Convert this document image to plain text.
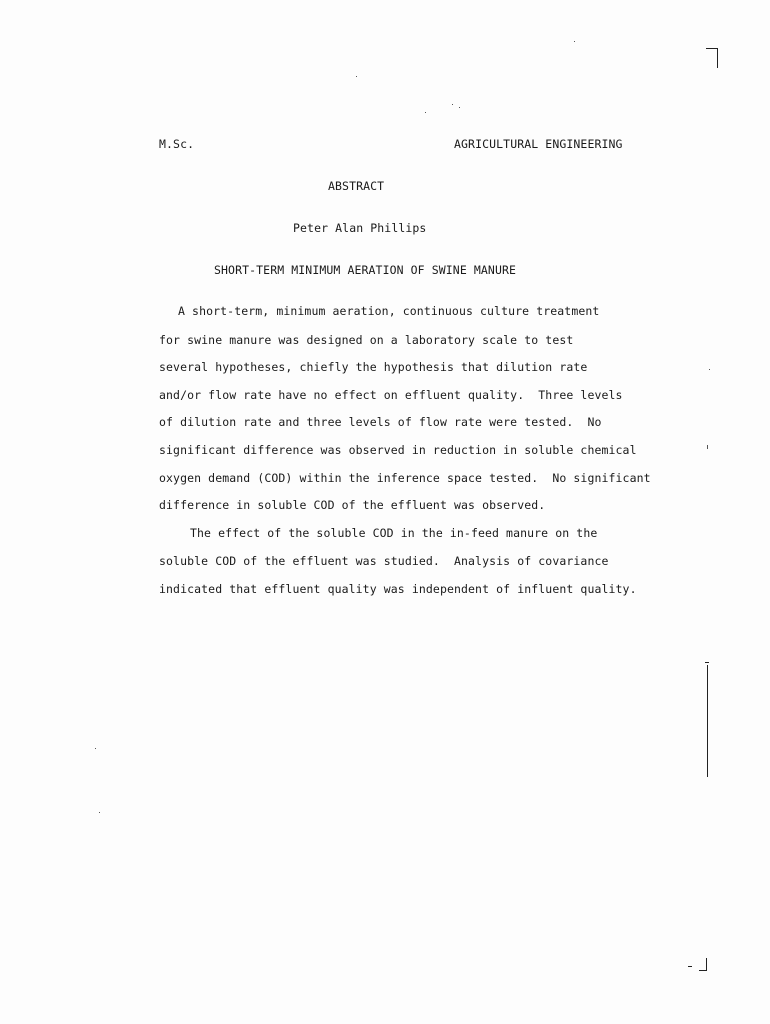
M.Sc.	AGRICULTURAL ENGINEERING
ABSTRACT
Peter Alan Phillips
SHORT-TERM MINIMUM AERATION OF SWINE MANURE
A short-term, minimum aeration, continuous culture treatment
for swine manure was designed on a laboratory scale to test
several hypotheses, chiefly the hypothesis that dilution rate
and/or flow rate have no effect on effluent quality.  Three levels
of dilution rate and three levels of flow rate were tested.  No
significant difference was observed in reduction in soluble chemical
oxygen demand (COD) within the inference space tested.  No significant
difference in soluble COD of the effluent was observed.
The effect of the soluble COD in the in-feed manure on the
soluble COD of the effluent was studied.  Analysis of covariance
indicated that effluent quality was independent of influent quality.
